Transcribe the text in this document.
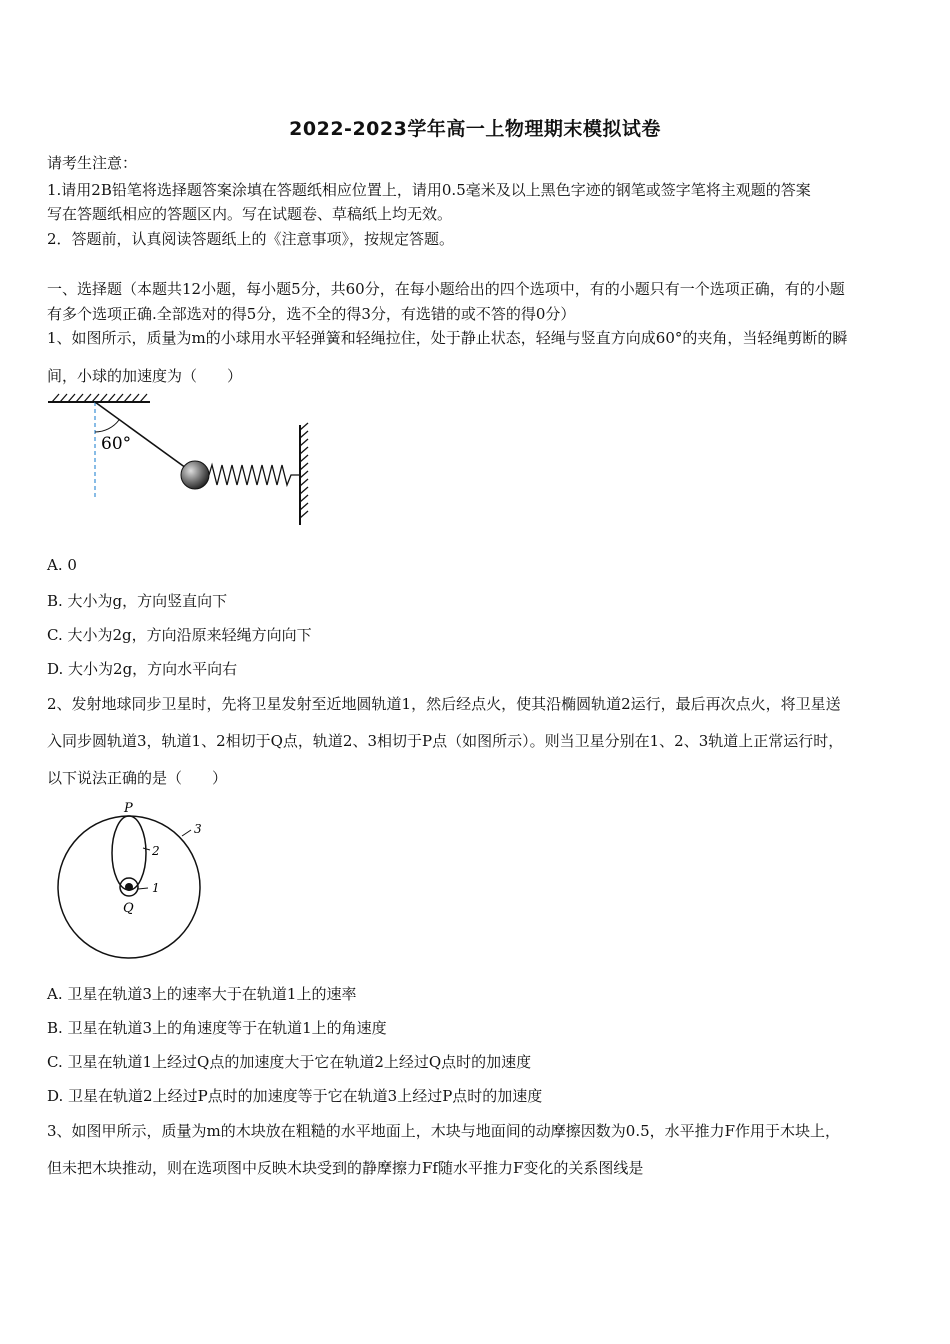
2022-2023学年高一上物理期末模拟试卷
请考生注意：
1.请用2B铅笔将选择题答案涂填在答题纸相应位置上，请用0.5毫米及以上黑色字迹的钢笔或签字笔将主观题的答案
写在答题纸相应的答题区内。写在试题卷、草稿纸上均无效。
2．答题前，认真阅读答题纸上的《注意事项》，按规定答题。
一、选择题（本题共12小题，每小题5分，共60分，在每小题给出的四个选项中，有的小题只有一个选项正确，有的小题
有多个选项正确.全部选对的得5分，选不全的得3分，有选错的或不答的得0分）
1、如图所示，质量为m的小球用水平轻弹簧和轻绳拉住，处于静止状态，轻绳与竖直方向成60°的夹角，当轻绳剪断的瞬
间，小球的加速度为（　　）
60°
A. 0
B. 大小为g，方向竖直向下
C. 大小为2g，方向沿原来轻绳方向向下
D. 大小为2g，方向水平向右
2、发射地球同步卫星时，先将卫星发射至近地圆轨道1，然后经点火，使其沿椭圆轨道2运行，最后再次点火，将卫星送
入同步圆轨道3，轨道1、2相切于Q点，轨道2、3相切于P点（如图所示）。则当卫星分别在1、2、3轨道上正常运行时，
以下说法正确的是（　　）
P
Q
1
2
3
A. 卫星在轨道3上的速率大于在轨道1上的速率
B. 卫星在轨道3上的角速度等于在轨道1上的角速度
C. 卫星在轨道1上经过Q点的加速度大于它在轨道2上经过Q点时的加速度
D. 卫星在轨道2上经过P点时的加速度等于它在轨道3上经过P点时的加速度
3、如图甲所示，质量为m的木块放在粗糙的水平地面上，木块与地面间的动摩擦因数为0.5，水平推力F作用于木块上，
但未把木块推动，则在选项图中反映木块受到的静摩擦力Ff随水平推力F变化的关系图线是
